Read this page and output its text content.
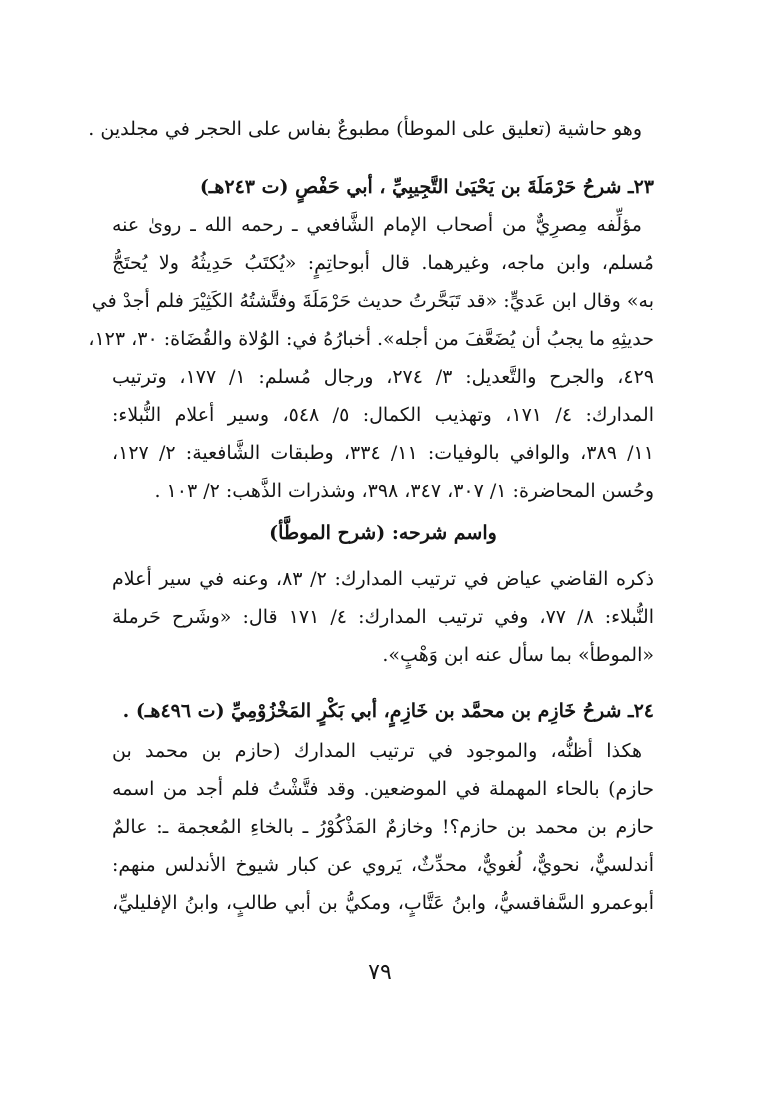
وهو حاشية (تعليق على الموطأ) مطبوعٌ بفاس على الحجر في مجلدين .
٢٣ـ شرحُ حَرْمَلَةَ بن يَحْيَىٰ التَّجِيبِيِّ ، أبي حَفْصٍ (ت ٢٤٣هـ)
مؤلِّفه مِصرِيٌّ من أصحاب الإمام الشَّافعي ـ رحمه الله ـ روىٰ عنه
مُسلم، وابن ماجه، وغيرهما. قال أبوحاتِمٍ: «يُكتَبُ حَدِيثُهُ ولا يُحتَجُّ
به» وقال ابن عَديٍّ: «قد تَبَحَّرتُ حديث حَرْمَلَةَ وفتَّشتُهُ الكَثِيْرَ فلم أجدْ في
حديثِهِ ما يجبُ أن يُضَعَّفَ من أجله». أخبارُهُ في: الوُلاة والقُضَاة: ٣٠، ١٢٣،
٤٢٩، والجرح والتَّعديل: ٣/ ٢٧٤، ورجال مُسلم: ١/ ١٧٧، وترتيب
المدارك: ٤/ ١٧١، وتهذيب الكمال: ٥/ ٥٤٨، وسير أعلام النُّبلاء:
١١/ ٣٨٩، والوافي بالوفيات: ١١/ ٣٣٤، وطبقات الشَّافعية: ٢/ ١٢٧،
وحُسن المحاضرة: ١/ ٣٠٧، ٣٤٧، ٣٩٨، وشذرات الذَّهب: ٢/ ١٠٣ .
واسم شرحه: (شرح الموطَّأ)
ذكره القاضي عياض في ترتيب المدارك: ٢/ ٨٣، وعنه في سير أعلام
النُّبلاء: ٨/ ٧٧، وفي ترتيب المدارك: ٤/ ١٧١ قال: «وشَرح حَرملة
«الموطأ» بما سأل عنه ابن وَهْبٍ».
٢٤ـ شرحُ خَازِم بن محمَّد بن خَازِمٍ، أبي بَكْرٍ المَخْزُوْمِيِّ (ت ٤٩٦هـ) .
هكذا أظنُّه، والموجود في ترتيب المدارك (حازم بن محمد بن
حازم) بالحاء المهملة في الموضعين. وقد فتَّشْتُ فلم أجد من اسمه
حازم بن محمد بن حازم؟! وخازمٌ المَذْكُوْرُ ـ بالخاءِ المُعجمة ـ: عالمٌ
أندلسيٌّ، نحويٌّ، لُغويٌّ، محدِّثٌ، يَروي عن كبار شيوخ الأندلس منهم:
أبوعمرو السَّفاقسيُّ، وابنُ عَتَّابٍ، ومكيُّ بن أبي طالبٍ، وابنُ الإفليليِّ،
٧٩
